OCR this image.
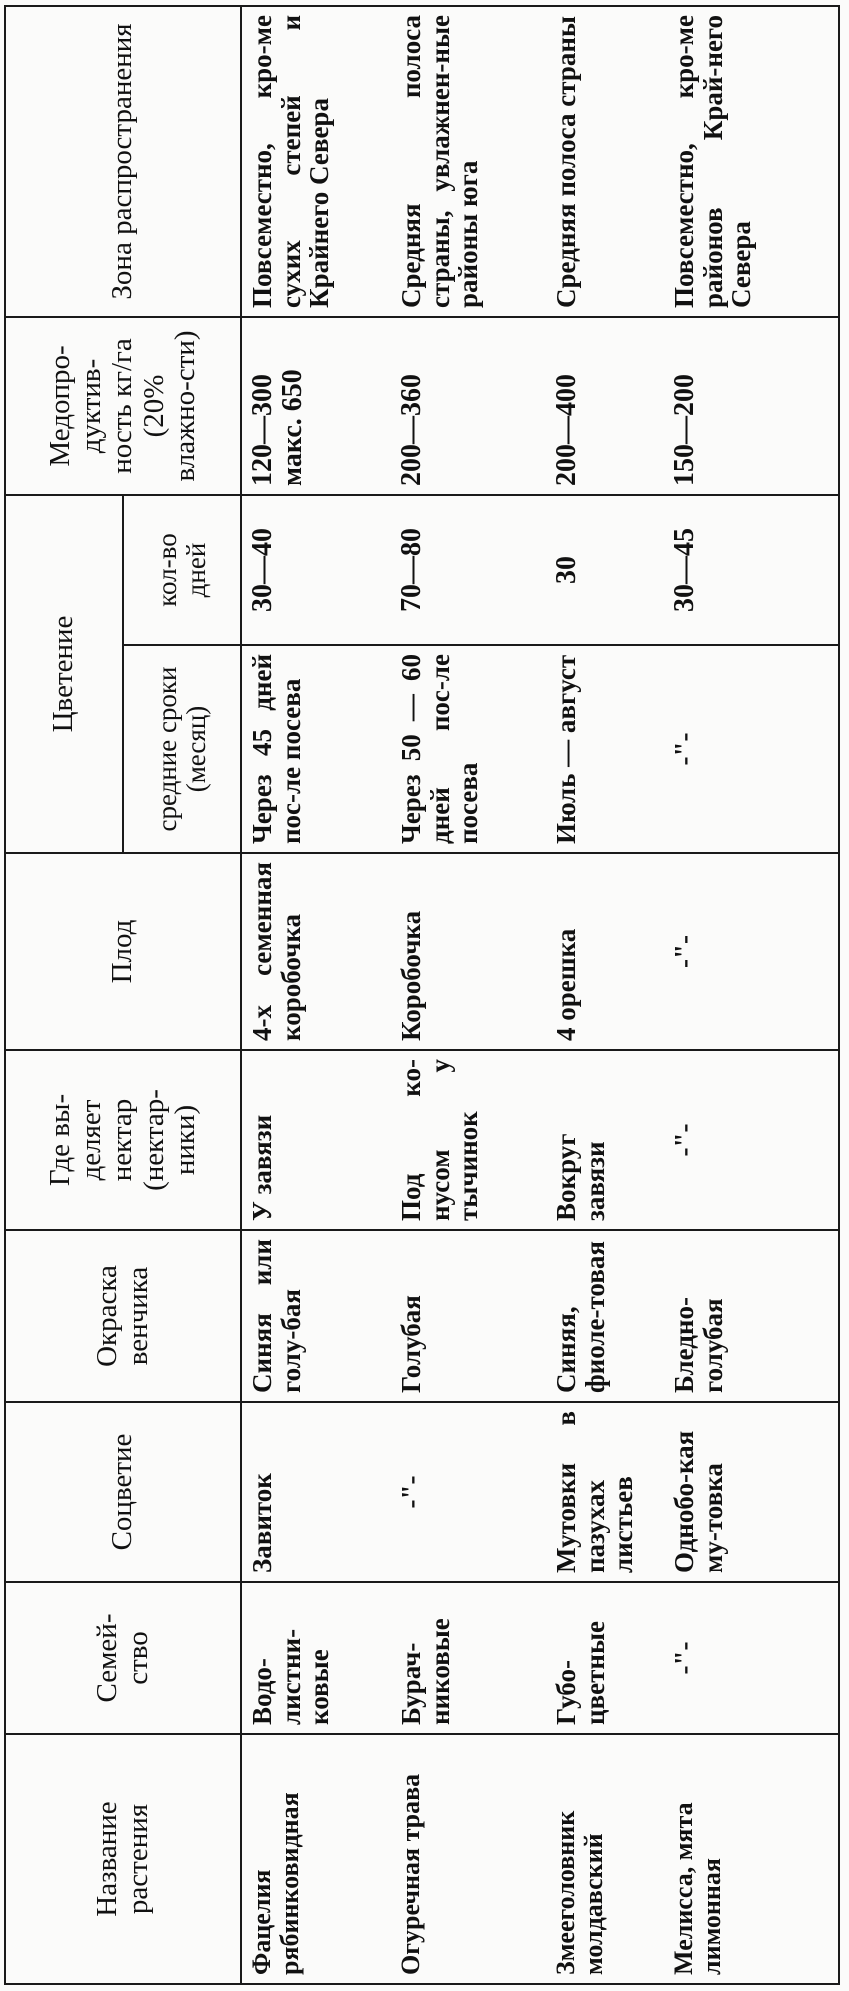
Название растения	Семей-ство	Соцветие	Окраска венчика	Где вы-деляет нектар (нектар-ники)	Плод	Цветение		Медопро-дуктив-ность кг/га (20% влажно-сти)	Зона распространения
						средние сроки (месяц)	кол-во дней		
Фацелия рябинковидная	Водо-листни-ковые	Завиток	Синяя или голу-бая	У завязи	4-х семенная коробочка	Через 45 дней пос-ле посева	30—40	120—300 макс. 650	Повсеместно, кро-ме сухих степей и Крайнего Севера
Огуречная трава	Бурач-никовые	-"-	Голубая	Под ко-нусом у тычинок	Коробочка	Через 50 — 60 дней пос-ле посева	70—80	200—360	Средняя полоса страны, увлажнен-ные районы юга
Змееголовник молдавский	Губо-цветные	Мутовки в пазухах листьев	Синяя, фиоле-товая	Вокруг завязи	4 орешка	Июль — август	30	200—400	Средняя полоса страны
Мелисса, мята лимонная	-"-	Однобо-кая му-товка	Бледно-голубая	-"-	-"-	-"-	30—45	150—200	Повсеместно, кро-ме районов Край-него Севера
